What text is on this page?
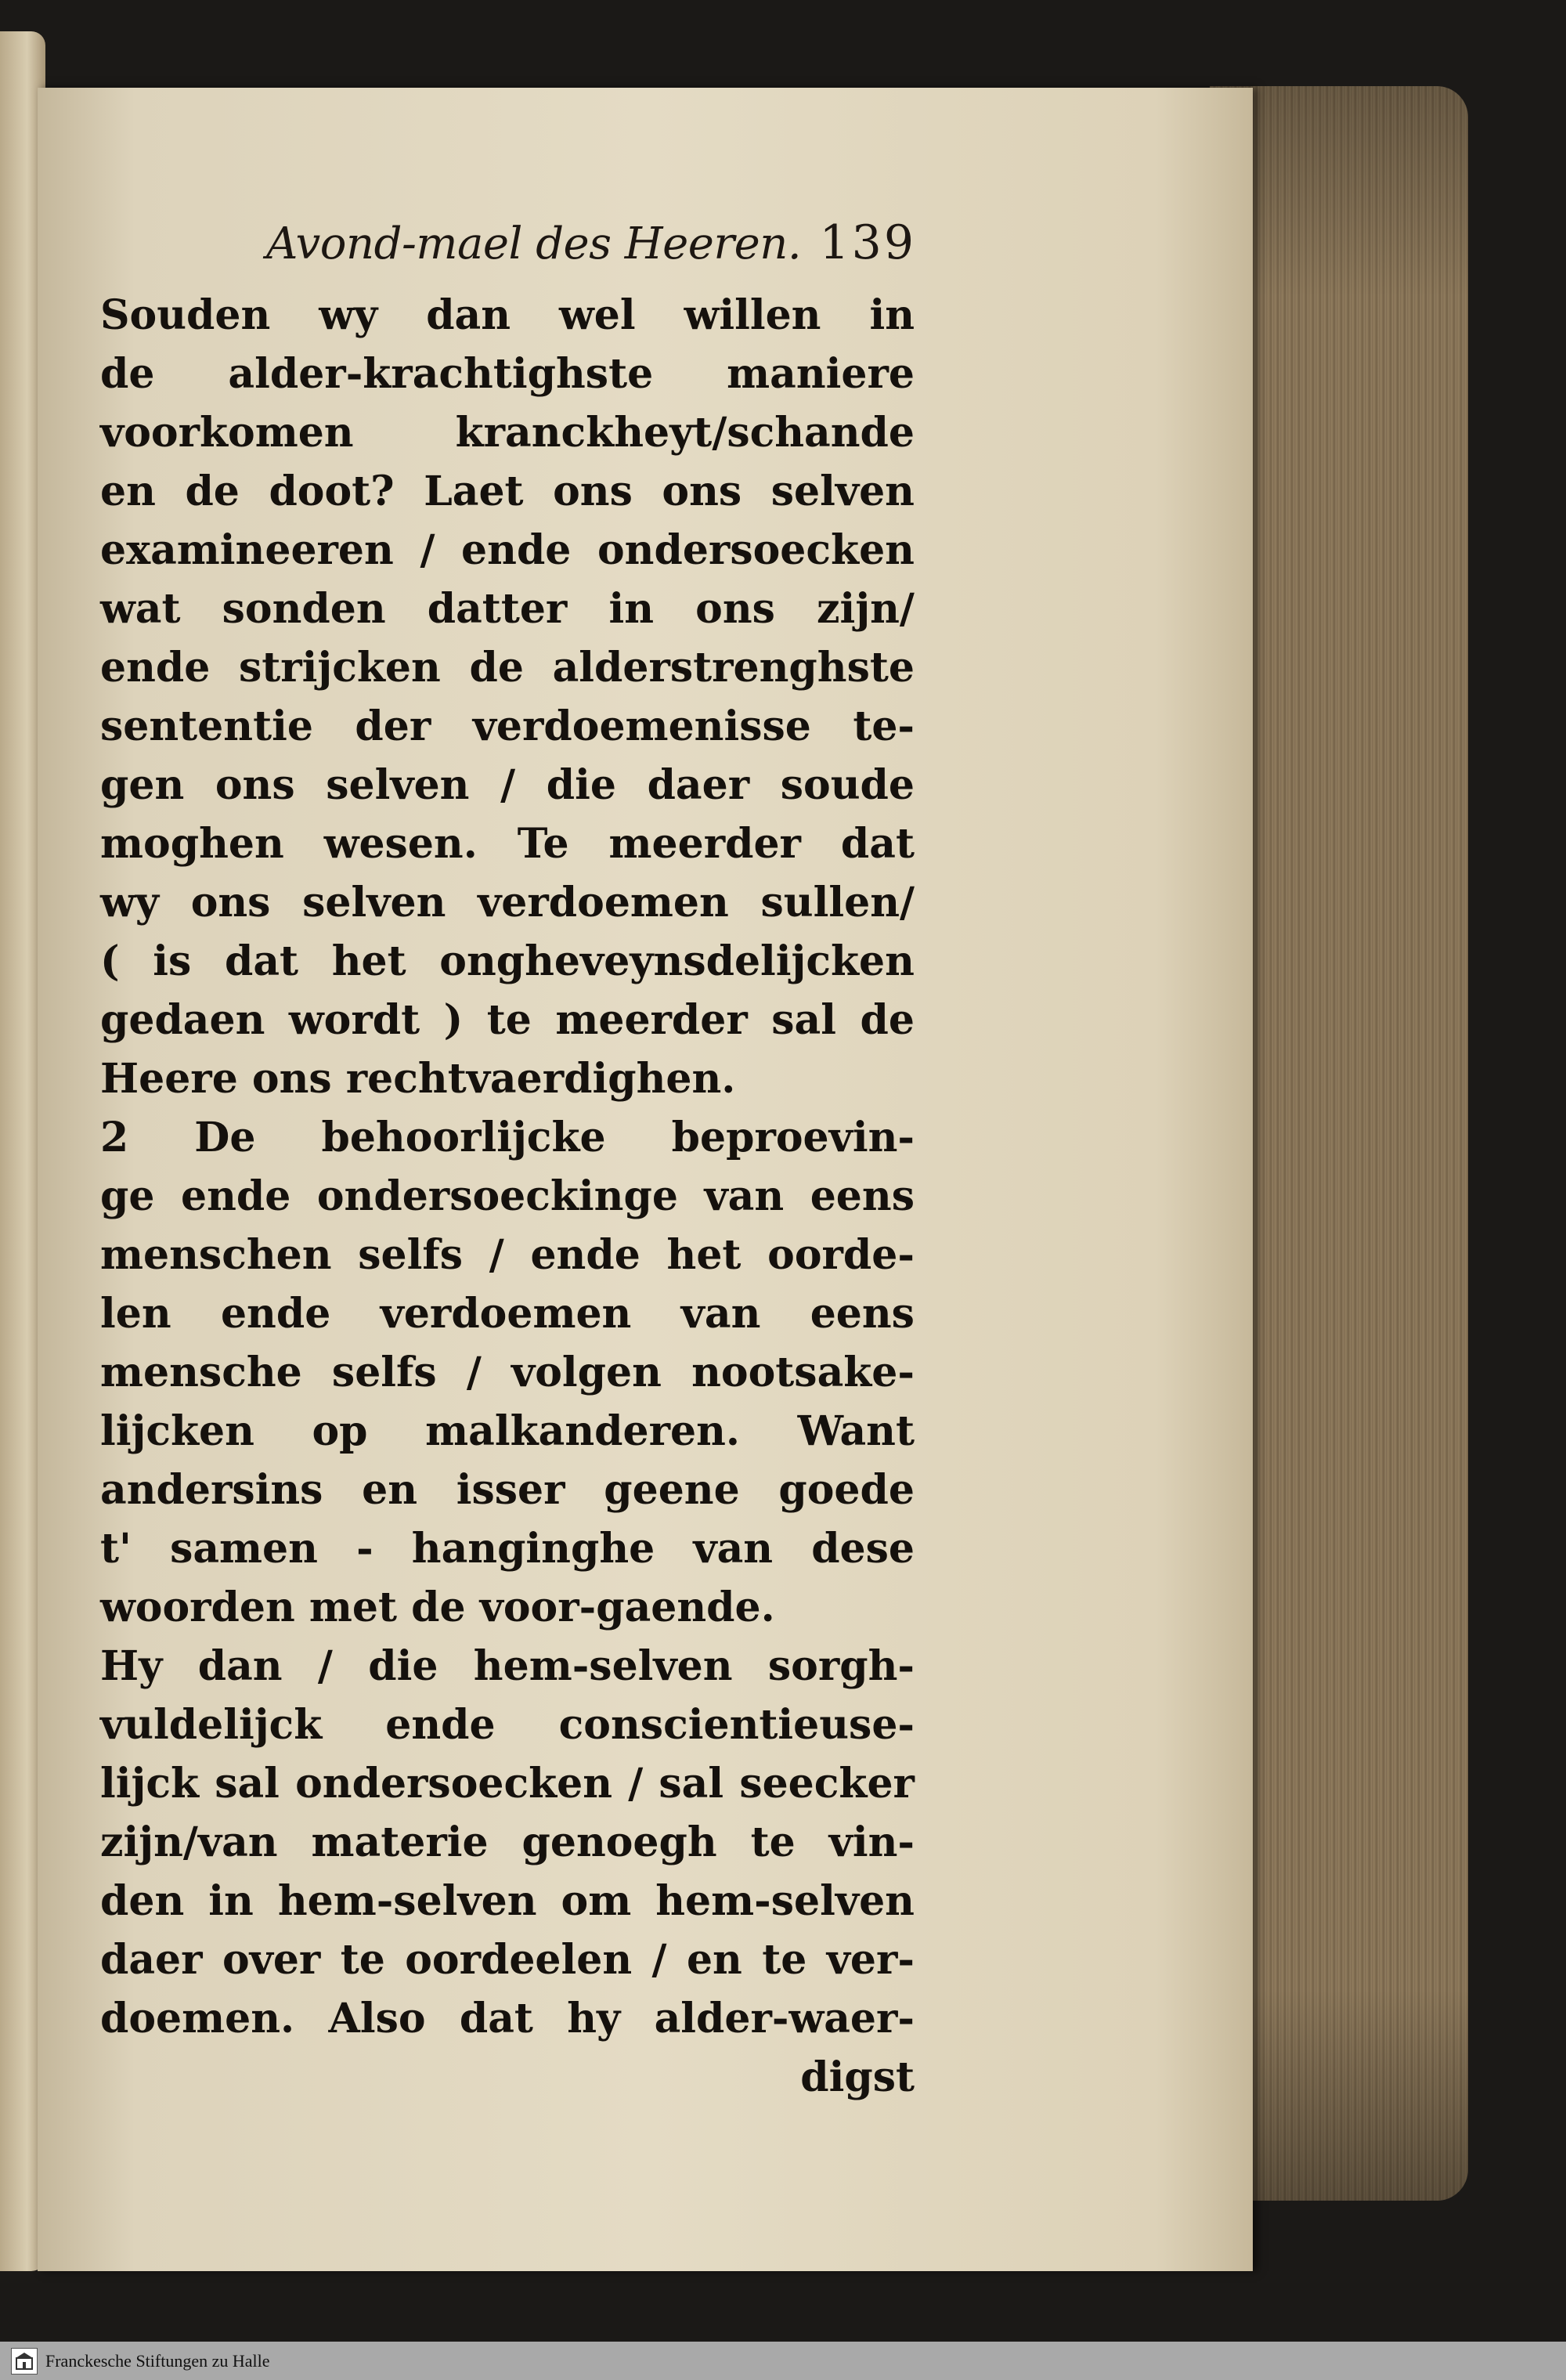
Avond-mael des Heeren. 139
Souden wy dan wel willen in
de alder-krachtighste maniere
voorkomen kranckheyt/schande
en de doot? Laet ons ons selven
examineeren / ende ondersoecken
wat sonden datter in ons zijn/
ende strijcken de alderstrenghste
sententie der verdoemenisse te-
gen ons selven / die daer soude
moghen wesen. Te meerder dat
wy ons selven verdoemen sullen/
( is dat het ongheveynsdelijcken
gedaen wordt ) te meerder sal de
Heere ons rechtvaerdighen.
2 De behoorlijcke beproevin-
ge ende ondersoeckinge van eens
menschen selfs / ende het oorde-
len ende verdoemen van eens
mensche selfs / volgen nootsake-
lijcken op malkanderen. Want
andersins en isser geene goede
t' samen - hanginghe van dese
woorden met de voor-gaende.
Hy dan / die hem-selven sorgh-
vuldelijck ende conscientieuse-
lijck sal ondersoecken / sal seecker
zijn/van materie genoegh te vin-
den in hem-selven om hem-selven
daer over te oordeelen / en te ver-
doemen. Also dat hy alder-waer-
digst
Franckesche Stiftungen zu Halle
